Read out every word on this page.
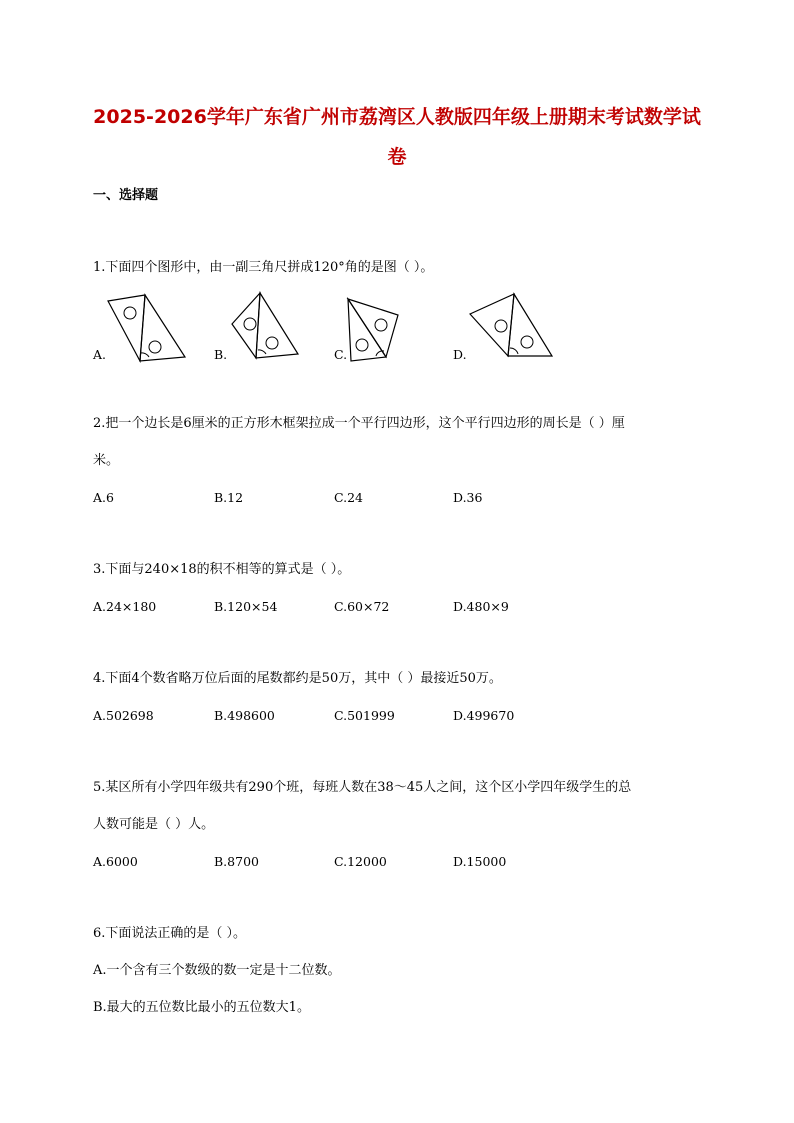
2025-2026学年广东省广州市荔湾区人教版四年级上册期末考试数学试
卷
一、选择题
1.下面四个图形中，由一副三角尺拼成120°角的是图（ ）。
A.	B.	C.	D.
2.把一个边长是6厘米的正方形木框架拉成一个平行四边形，这个平行四边形的周长是（ ）厘
米。
A.6	B.12	C.24	D.36
3.下面与240×18的积不相等的算式是（ ）。
A.24×180	B.120×54	C.60×72	D.480×9
4.下面4个数省略万位后面的尾数都约是50万，其中（ ）最接近50万。
A.502698	B.498600	C.501999	D.499670
5.某区所有小学四年级共有290个班，每班人数在38～45人之间，这个区小学四年级学生的总
人数可能是（ ）人。
A.6000	B.8700	C.12000	D.15000
6.下面说法正确的是（ ）。
A.一个含有三个数级的数一定是十二位数。
B.最大的五位数比最小的五位数大1。
